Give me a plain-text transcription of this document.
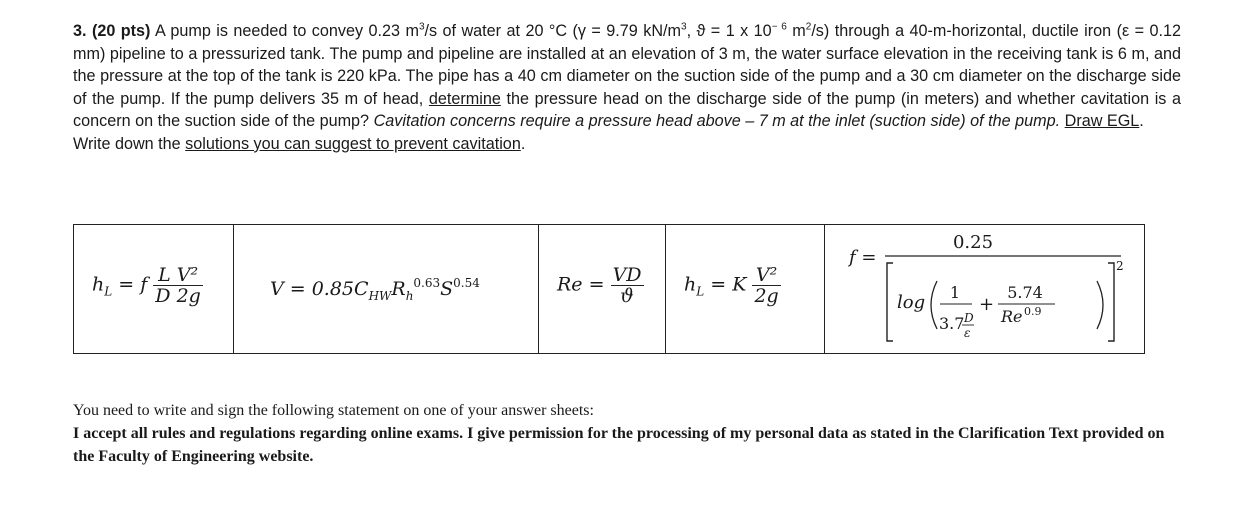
3. (20 pts) A pump is needed to convey 0.23 $m^3/s$ of water at 20 °C (γ = 9.79 $kN/m^3$, ϑ = 1 x $10^{- 6}$ $m^2/s$) through a 40-m-horizontal, ductile iron (ε = 0.12 mm) pipeline to a pressurized tank. The pump and pipeline are installed at an elevation of 3 m, the water surface elevation in the receiving tank is 6 m, and the pressure at the top of the tank is 220 kPa. The pipe has a 40 cm diameter on the suction side of the pump and a 30 cm diameter on the discharge side of the pump. If the pump delivers 35 m of head, determine the pressure head on the discharge side of the pump (in meters) and whether cavitation is a concern on the suction side of the pump? Cavitation concerns require a pressure head above – 7 m at the inlet (suction side) of the pump. Draw EGL.
Write down the solutions you can suggest to prevent cavitation.
$h_L = f \frac{\text{L V²}}{D 2g}$	$V = 0.85C_{HW}R_h^{0.63}S^{0.54}$	$Re = \frac{VD}{ϑ}$	$h_L = K \frac{\text{V²}}{2g}$

f =
0.25
2
log 1
3.7 D
ε
+
5.74
Re 0.9
You need to write and sign the following statement on one of your answer sheets:
I accept all rules and regulations regarding online exams. I give permission for the processing of my personal data as stated in the Clarification Text provided on the Faculty of Engineering website.
